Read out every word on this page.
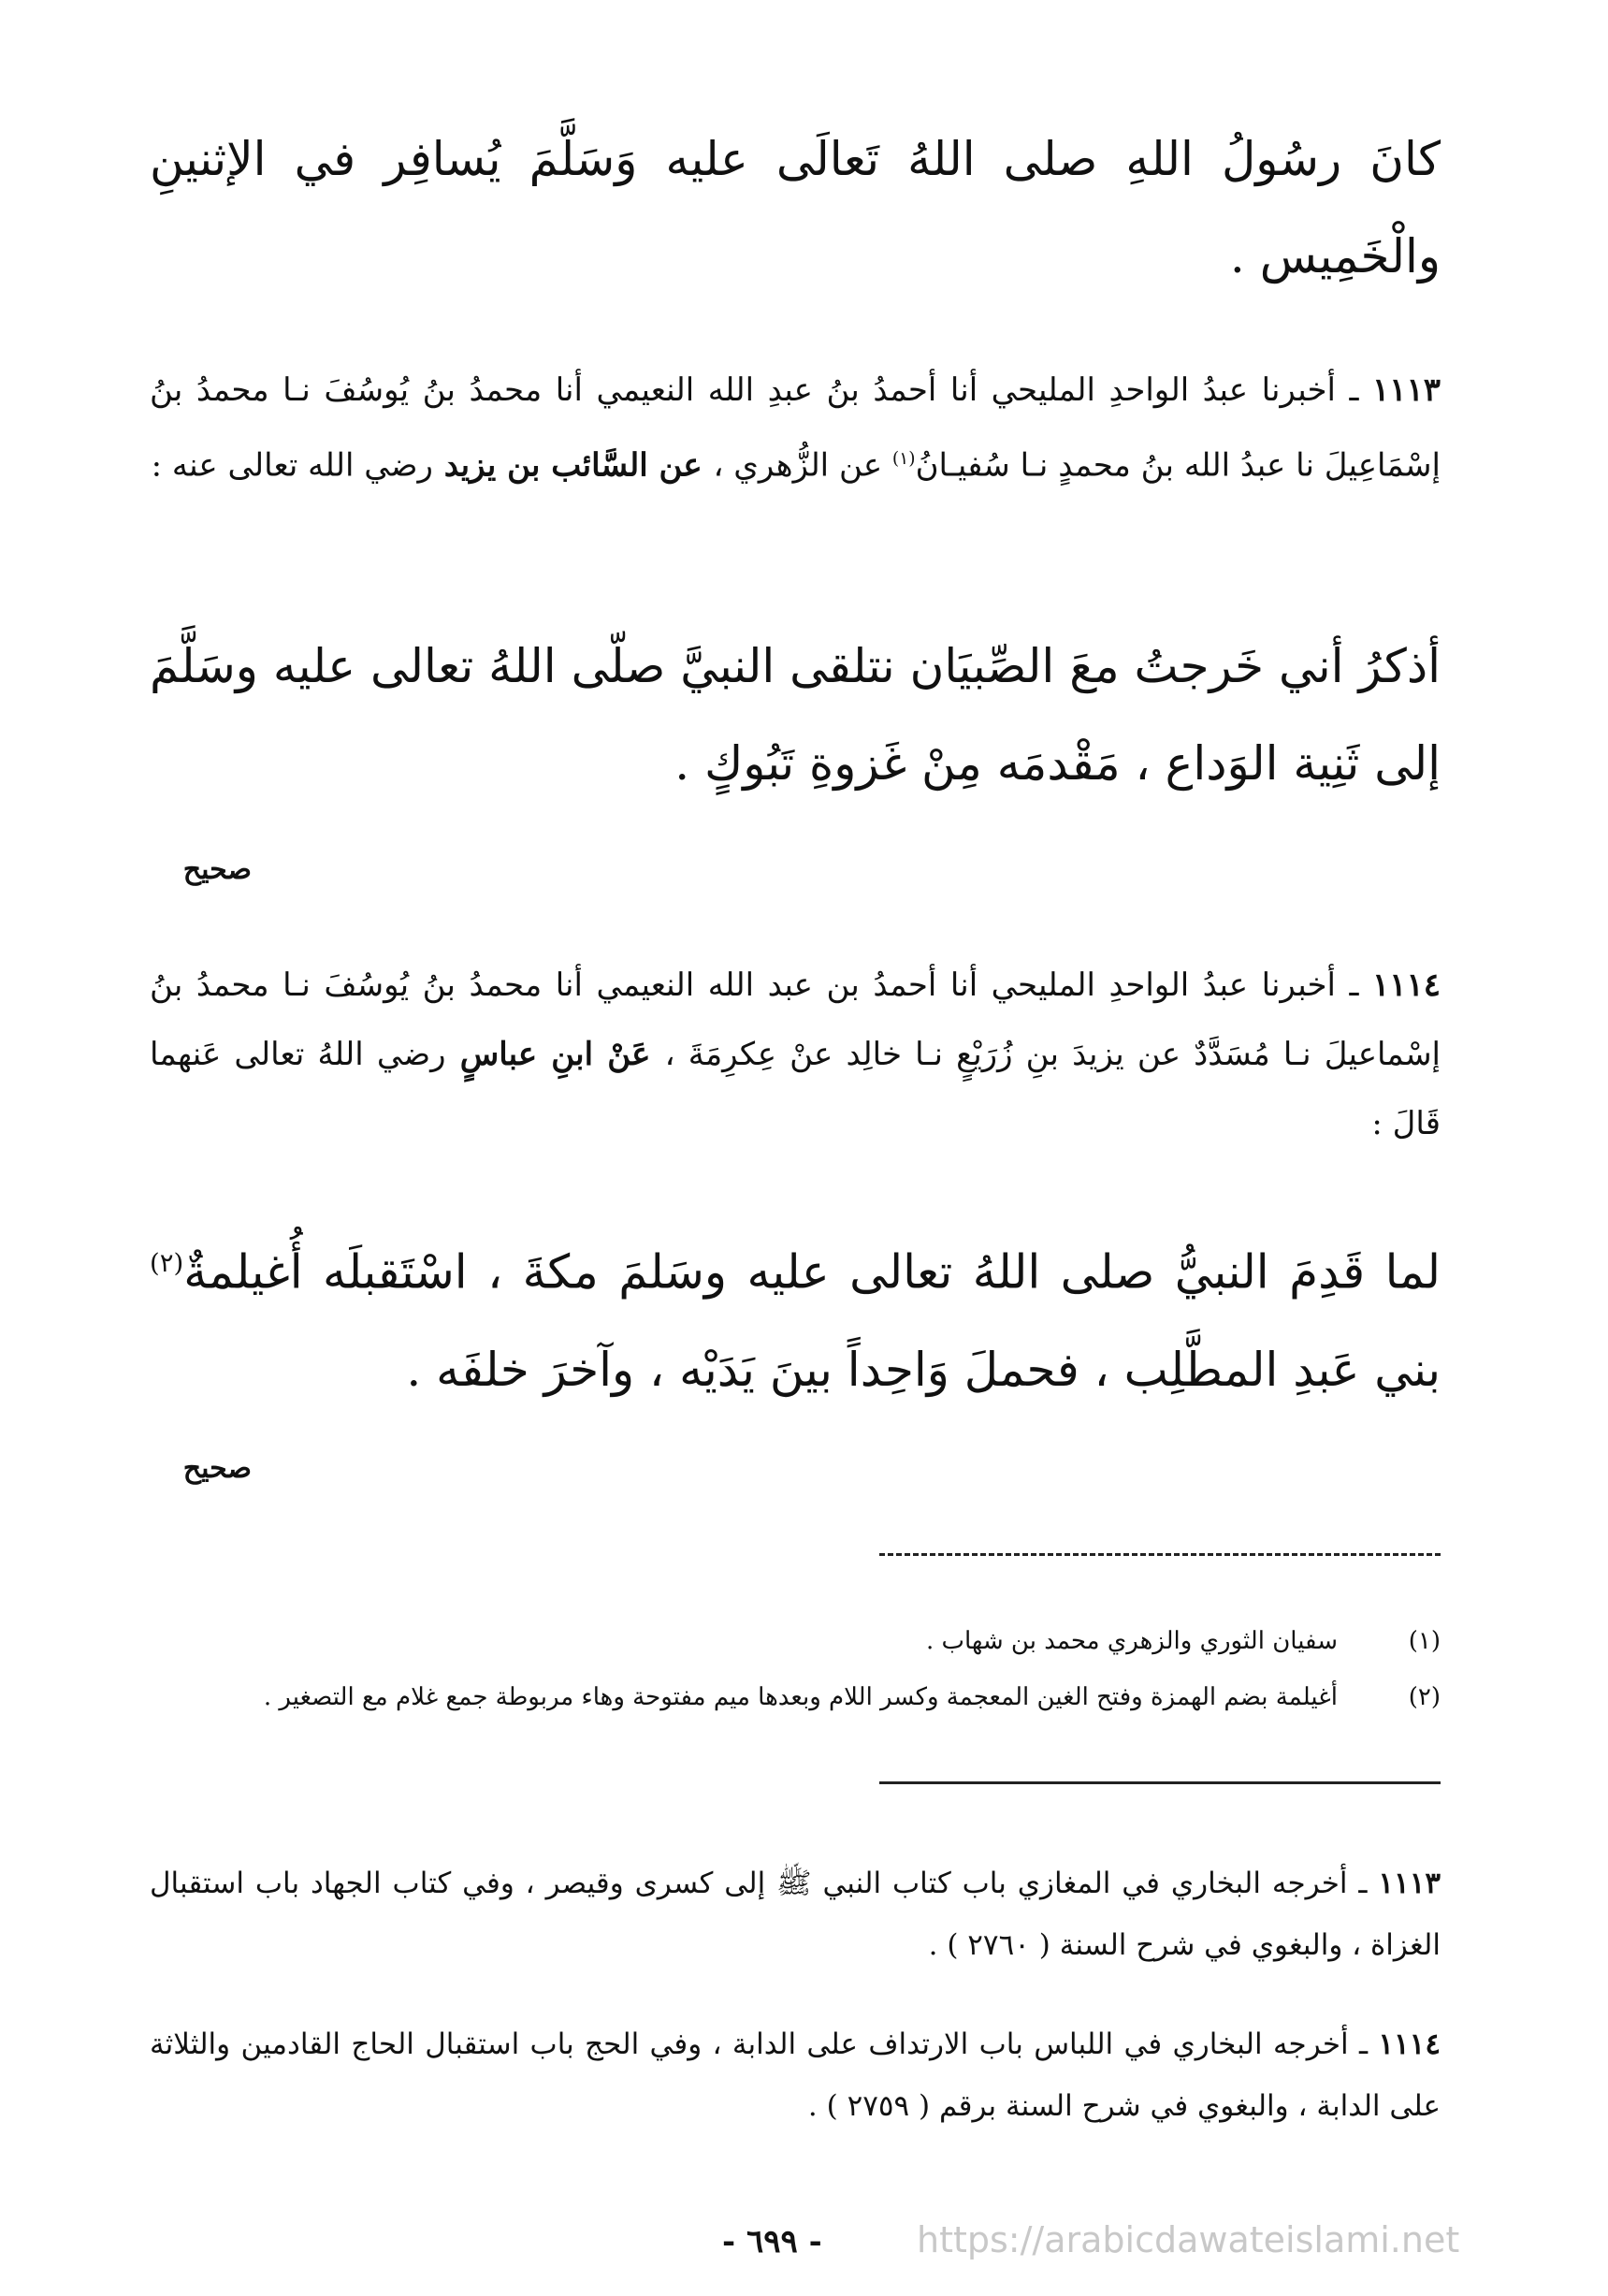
كانَ رسُولُ اللهِ صلى اللهُ تَعالَى عليه وَسَلَّمَ يُسافِر في الإثنينِ والْخَمِيس .
١١١٣ ـ أخبرنا عبدُ الواحدِ المليحي أنا أحمدُ بنُ عبدِ الله النعيمي أنا محمدُ بنُ يُوسُفَ نـا محمدُ بنُ إسْمَاعِيلَ نا عبدُ الله بنُ محمدٍ نـا سُفيـانُ$^{(١)}$ عن الزُّهري ، عن السَّائب بن يزيد رضي الله تعالى عنه :
أذكرُ أني خَرجتُ معَ الصِّبيَان نتلقى النبيَّ صلّى اللهُ تعالى عليه وسَلَّمَ إلى ثَنِية الوَداع ، مَقْدمَه مِنْ غَزوةِ تَبُوكٍ .
صحيح
١١١٤ ـ أخبرنا عبدُ الواحدِ المليحي أنا أحمدُ بن عبد الله النعيمي أنا محمدُ بنُ يُوسُفَ نـا محمدُ بنُ إسْماعيلَ نـا مُسَدَّدٌ عن يزيدَ بنِ زُرَيْعٍ نـا خالِد عنْ عِكرِمَةَ ، عَنْ ابنِ عباسٍ رضي اللهُ تعالى عَنهما قَالَ :
لما قَدِمَ النبيُّ صلى اللهُ تعالى عليه وسَلمَ مكةَ ، اسْتَقبلَه أُغيلمةٌ$^{(٢)}$ بني عَبدِ المطَّلِب ، فحملَ وَاحِداً بينَ يَدَيْه ، وآخرَ خلفَه .
صحيح
(١)
سفيان الثوري والزهري محمد بن شهاب .
(٢)
أغيلمة بضم الهمزة وفتح الغين المعجمة وكسر اللام وبعدها ميم مفتوحة وهاء مربوطة جمع غلام مع التصغير .
١١١٣ ـ أخرجه البخاري في المغازي باب كتاب النبي ﷺ إلى كسرى وقيصر ، وفي كتاب الجهاد باب استقبال الغزاة ، والبغوي في شرح السنة ( ٢٧٦٠ ) .
١١١٤ ـ أخرجه البخاري في اللباس باب الارتداف على الدابة ، وفي الحج باب استقبال الحاج القادمين والثلاثة على الدابة ، والبغوي في شرح السنة برقم ( ٢٧٥٩ ) .
- ٦٩٩ -	https://arabicdawateislami.net
